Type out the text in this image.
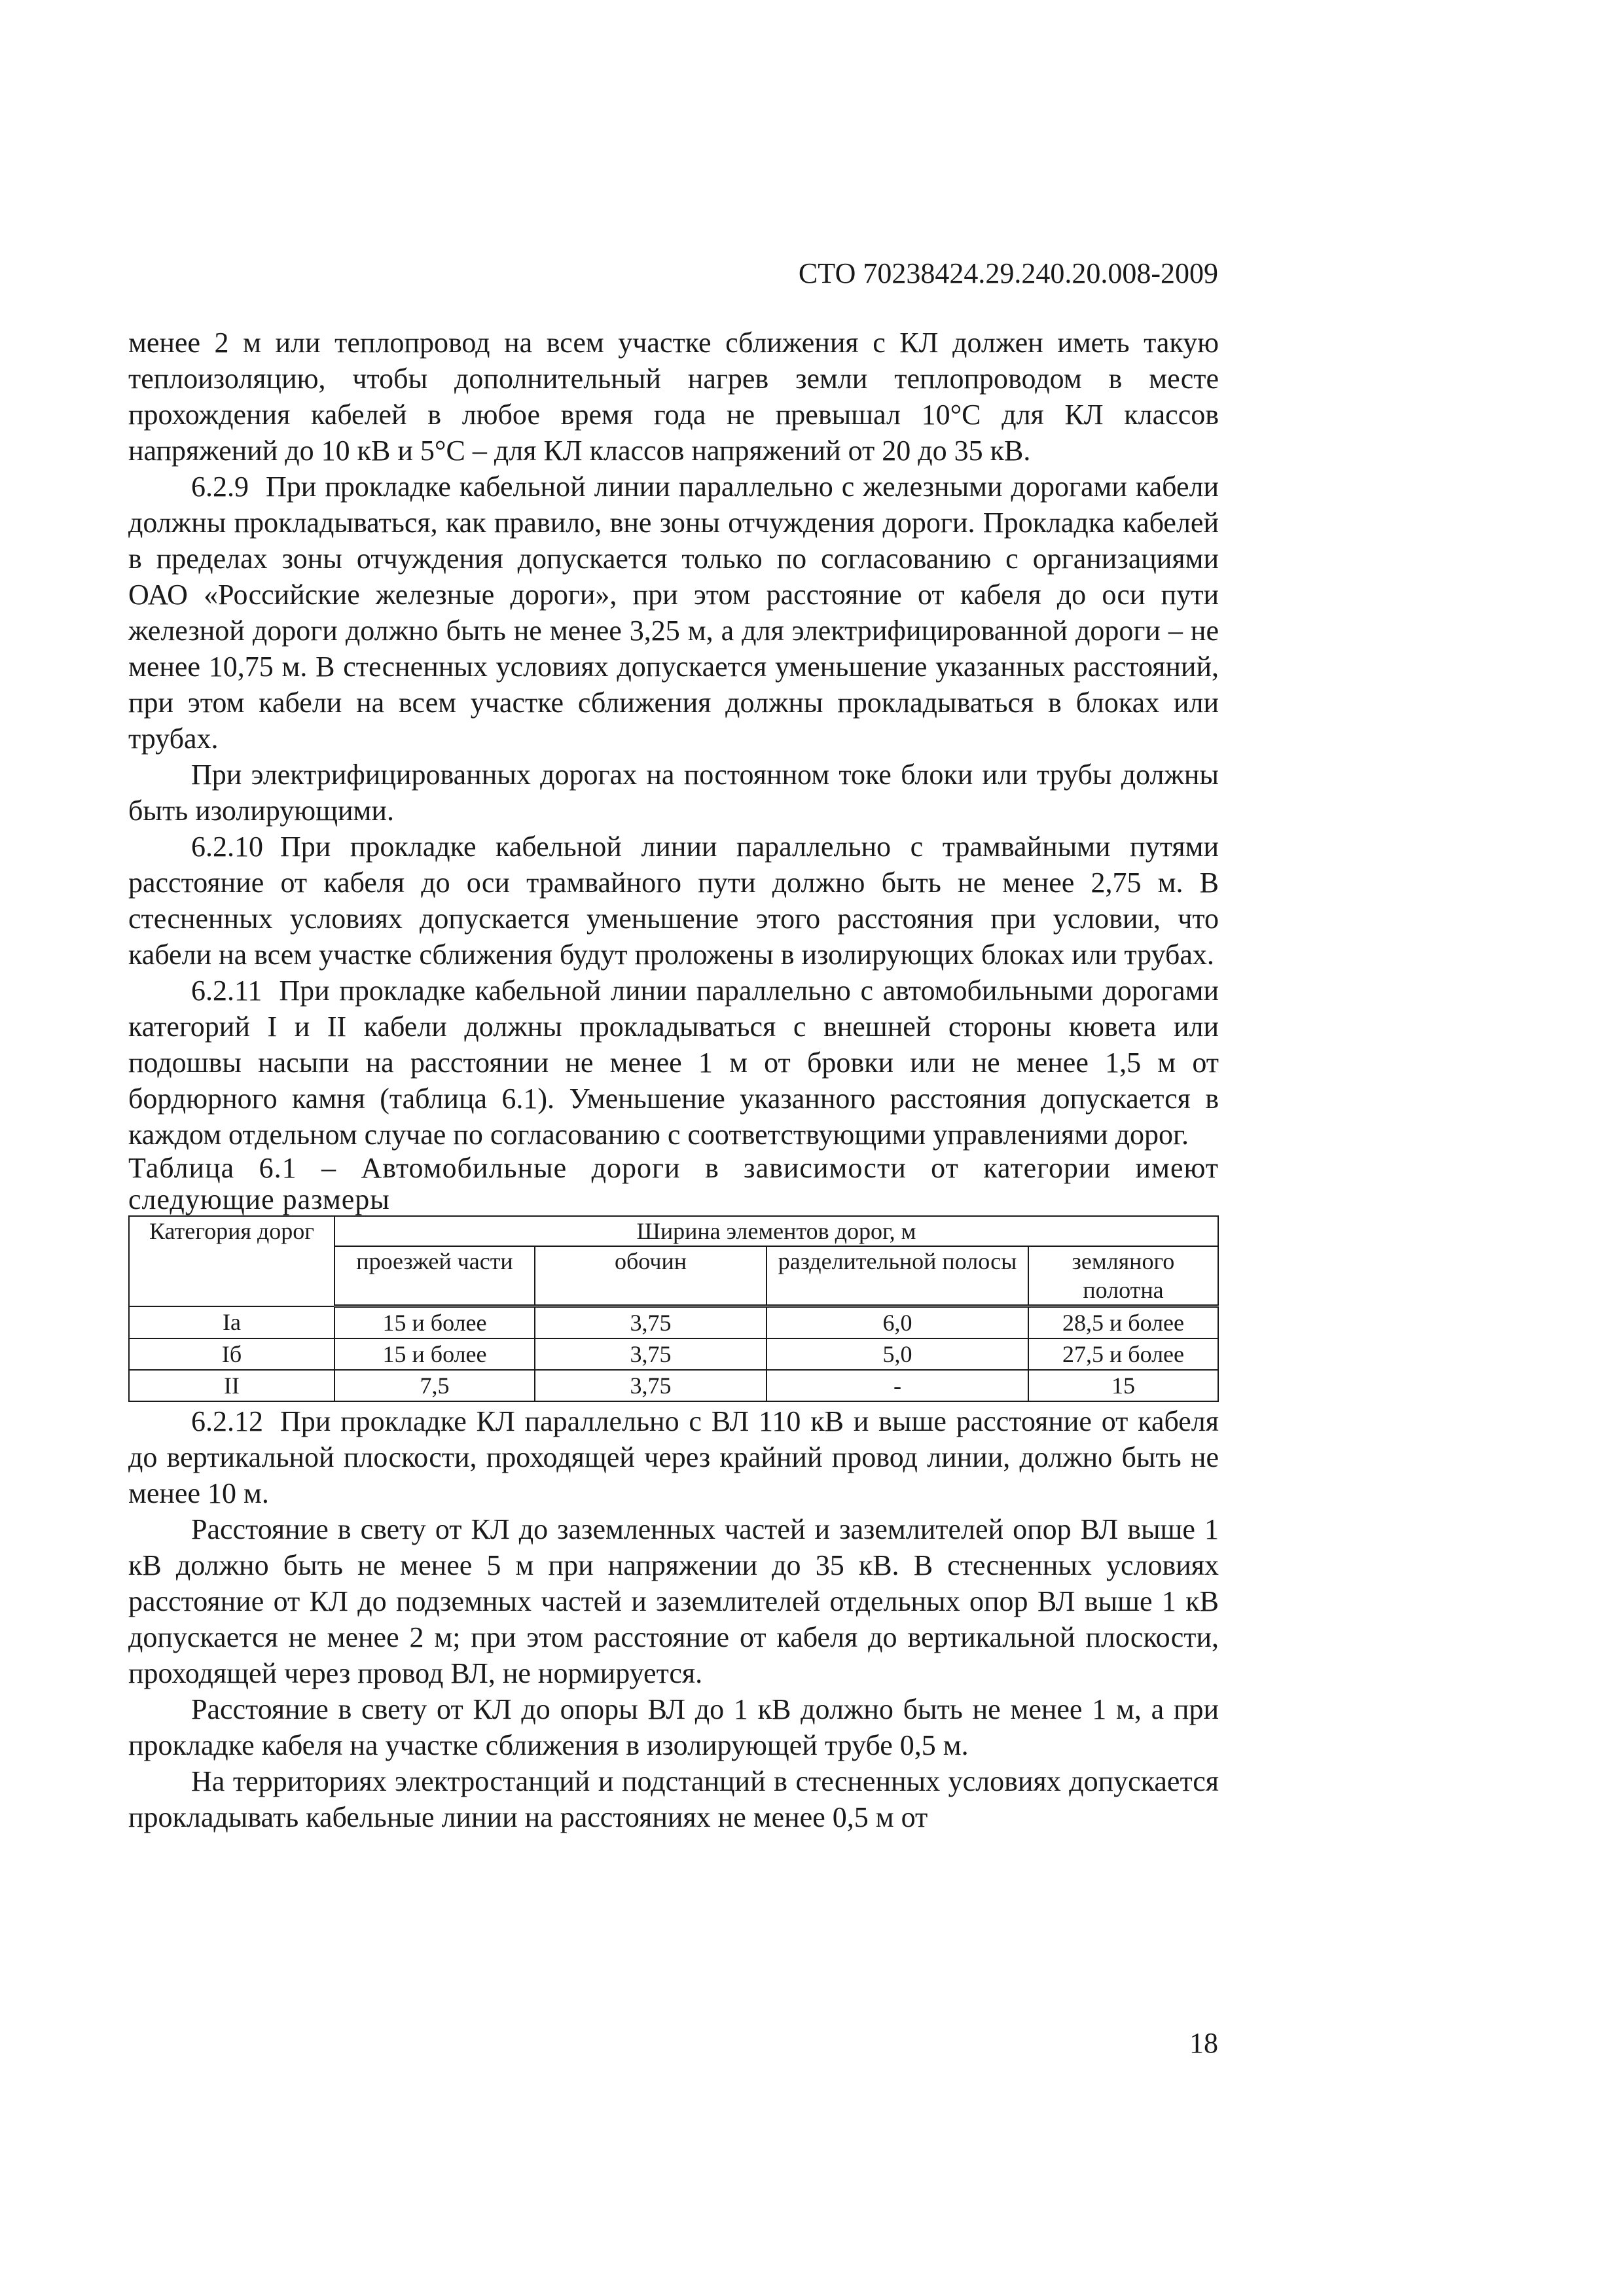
СТО 70238424.29.240.20.008-2009

менее 2 м или теплопровод на всем участке сближения с КЛ должен иметь такую теплоизоляцию, чтобы дополнительный нагрев земли теплопроводом в месте прохождения кабелей в любое время года не превышал 10°С для КЛ классов напряжений до 10 кВ и 5°С – для КЛ классов напряжений от 20 до 35 кВ.

6.2.9 При прокладке кабельной линии параллельно с железными дорогами кабели должны прокладываться, как правило, вне зоны отчуждения дороги. Прокладка кабелей в пределах зоны отчуждения допускается только по согласованию с организациями ОАО «Российские железные дороги», при этом расстояние от кабеля до оси пути железной дороги должно быть не менее 3,25 м, а для электрифицированной дороги – не менее 10,75 м. В стесненных условиях допускается уменьшение указанных расстояний, при этом кабели на всем участке сближения должны прокладываться в блоках или трубах.

При электрифицированных дорогах на постоянном токе блоки или трубы должны быть изолирующими.

6.2.10 При прокладке кабельной линии параллельно с трамвайными путями расстояние от кабеля до оси трамвайного пути должно быть не менее 2,75 м. В стесненных условиях допускается уменьшение этого расстояния при условии, что кабели на всем участке сближения будут проложены в изолирующих блоках или трубах.

6.2.11 При прокладке кабельной линии параллельно с автомобильными дорогами категорий I и II кабели должны прокладываться с внешней стороны кювета или подошвы насыпи на расстоянии не менее 1 м от бровки или не менее 1,5 м от бордюрного камня (таблица 6.1). Уменьшение указанного расстояния допускается в каждом отдельном случае по согласованию с соответствующими управлениями дорог.

Таблица 6.1 – Автомобильные дороги в зависимости от категории имеют следующие размеры

Категория дорог	Ширина элементов дорог, м			
	проезжей части	обочин	разделительной полосы	земляного полотна
Ia	15 и более	3,75	6,0	28,5 и более
Iб	15 и более	3,75	5,0	27,5 и более
II	7,5	3,75	-	15

6.2.12 При прокладке КЛ параллельно с ВЛ 110 кВ и выше расстояние от кабеля до вертикальной плоскости, проходящей через крайний провод линии, должно быть не менее 10 м.

Расстояние в свету от КЛ до заземленных частей и заземлителей опор ВЛ выше 1 кВ должно быть не менее 5 м при напряжении до 35 кВ. В стесненных условиях расстояние от КЛ до подземных частей и заземлителей отдельных опор ВЛ выше 1 кВ допускается не менее 2 м; при этом расстояние от кабеля до вертикальной плоскости, проходящей через провод ВЛ, не нормируется.

Расстояние в свету от КЛ до опоры ВЛ до 1 кВ должно быть не менее 1 м, а при прокладке кабеля на участке сближения в изолирующей трубе 0,5 м.

На территориях электростанций и подстанций в стесненных условиях допускается прокладывать кабельные линии на расстояниях не менее 0,5 м от

18
